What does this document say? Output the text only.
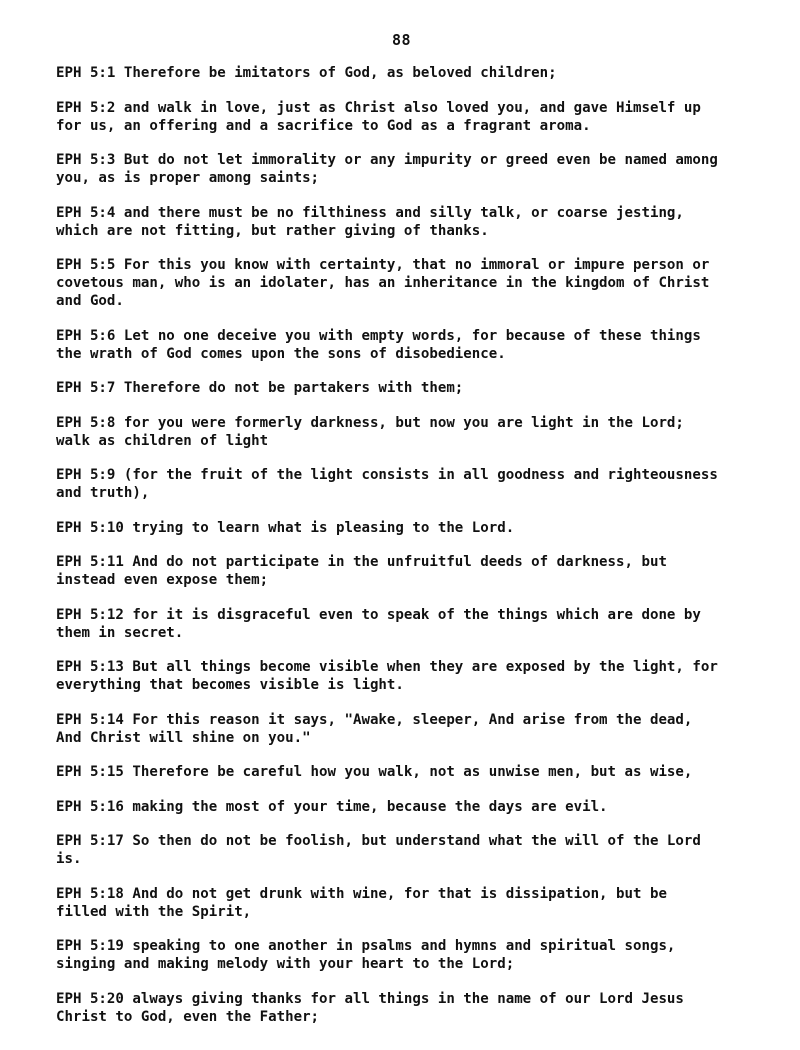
88
EPH 5:1 Therefore be imitators of God, as beloved children;
EPH 5:2 and walk in love, just as Christ also loved you, and gave Himself up
for us, an offering and a sacrifice to God as a fragrant aroma.
EPH 5:3 But do not let immorality or any impurity or greed even be named among
you, as is proper among saints;
EPH 5:4 and there must be no filthiness and silly talk, or coarse jesting,
which are not fitting, but rather giving of thanks.
EPH 5:5 For this you know with certainty, that no immoral or impure person or
covetous man, who is an idolater, has an inheritance in the kingdom of Christ
and God.
EPH 5:6 Let no one deceive you with empty words, for because of these things
the wrath of God comes upon the sons of disobedience.
EPH 5:7 Therefore do not be partakers with them;
EPH 5:8 for you were formerly darkness, but now you are light in the Lord;
walk as children of light
EPH 5:9 (for the fruit of the light consists in all goodness and righteousness
and truth),
EPH 5:10 trying to learn what is pleasing to the Lord.
EPH 5:11 And do not participate in the unfruitful deeds of darkness, but
instead even expose them;
EPH 5:12 for it is disgraceful even to speak of the things which are done by
them in secret.
EPH 5:13 But all things become visible when they are exposed by the light, for
everything that becomes visible is light.
EPH 5:14 For this reason it says, "Awake, sleeper, And arise from the dead,
And Christ will shine on you."
EPH 5:15 Therefore be careful how you walk, not as unwise men, but as wise,
EPH 5:16 making the most of your time, because the days are evil.
EPH 5:17 So then do not be foolish, but understand what the will of the Lord
is.
EPH 5:18 And do not get drunk with wine, for that is dissipation, but be
filled with the Spirit,
EPH 5:19 speaking to one another in psalms and hymns and spiritual songs,
singing and making melody with your heart to the Lord;
EPH 5:20 always giving thanks for all things in the name of our Lord Jesus
Christ to God, even the Father;
